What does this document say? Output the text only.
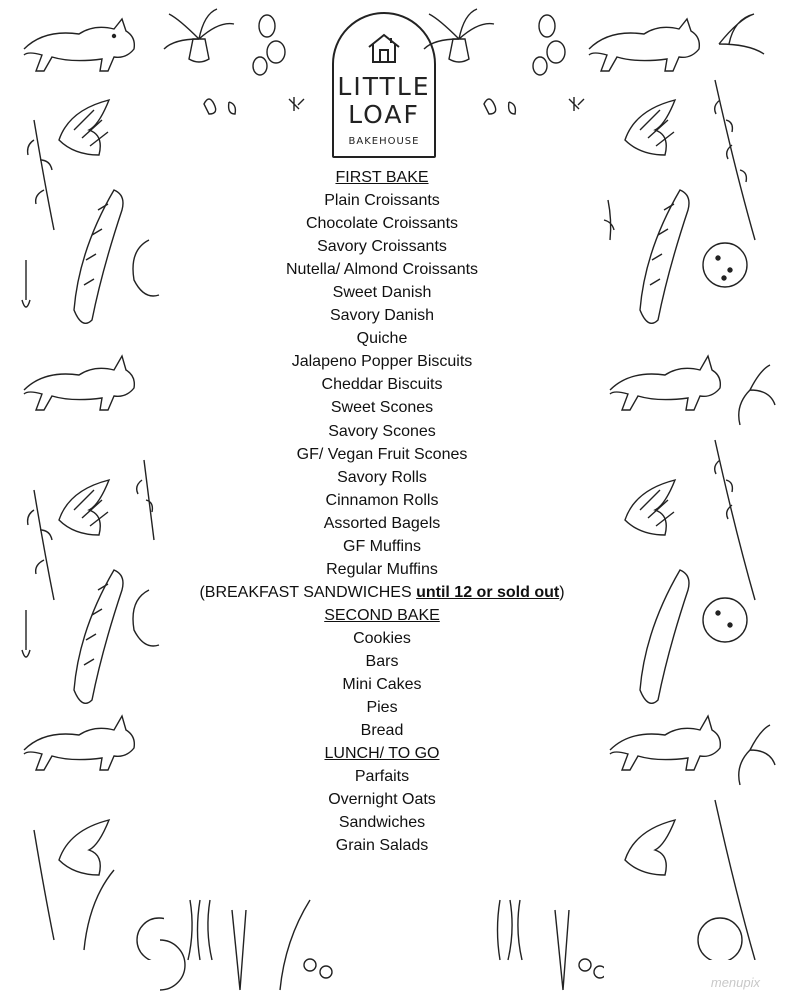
LITTLE
LOAF
BAKEHOUSE
FIRST BAKE
Plain Croissants
Chocolate Croissants
Savory Croissants
Nutella/ Almond Croissants
Sweet Danish
Savory Danish
Quiche
Jalapeno Popper Biscuits
Cheddar Biscuits
Sweet Scones
Savory Scones
GF/ Vegan Fruit Scones
Savory Rolls
Cinnamon Rolls
Assorted Bagels
GF Muffins
Regular Muffins
(BREAKFAST SANDWICHES until 12 or sold out)
SECOND BAKE
Cookies
Bars
Mini Cakes
Pies
Bread
LUNCH/ TO GO
Parfaits
Overnight Oats
Sandwiches
Grain Salads
menupix
